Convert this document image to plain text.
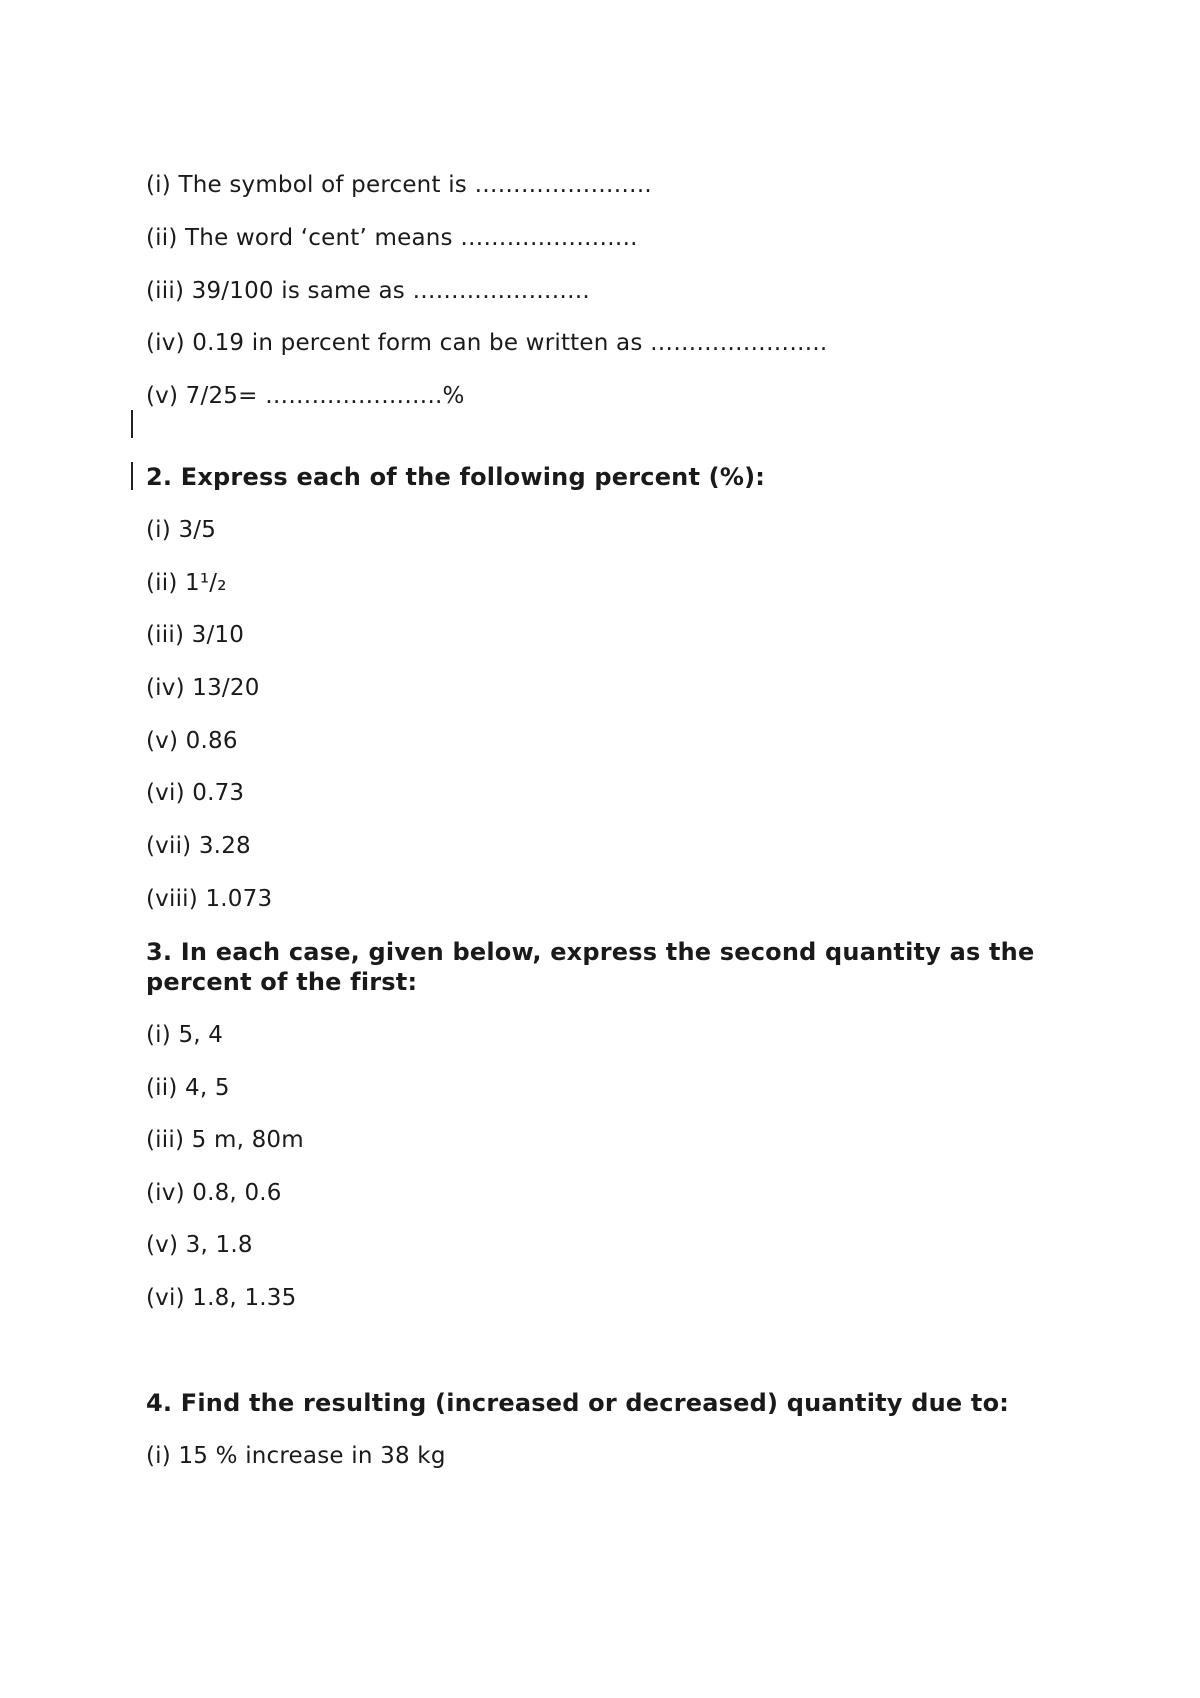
(i) The symbol of percent is …………………..
(ii) The word ‘cent’ means …………………..
(iii) 39/100 is same as …………………..
(iv) 0.19 in percent form can be written as …………………..
(v) 7/25= …………………..%
2. Express each of the following percent (%):
(i) 3/5
(ii) 1¹/₂
(iii) 3/10
(iv) 13/20
(v) 0.86
(vi) 0.73
(vii) 3.28
(viii) 1.073
3. In each case, given below, express the second quantity as the percent of the first:
(i) 5, 4
(ii) 4, 5
(iii) 5 m, 80m
(iv) 0.8, 0.6
(v) 3, 1.8
(vi) 1.8, 1.35
4. Find the resulting (increased or decreased) quantity due to:
(i) 15 % increase in 38 kg
